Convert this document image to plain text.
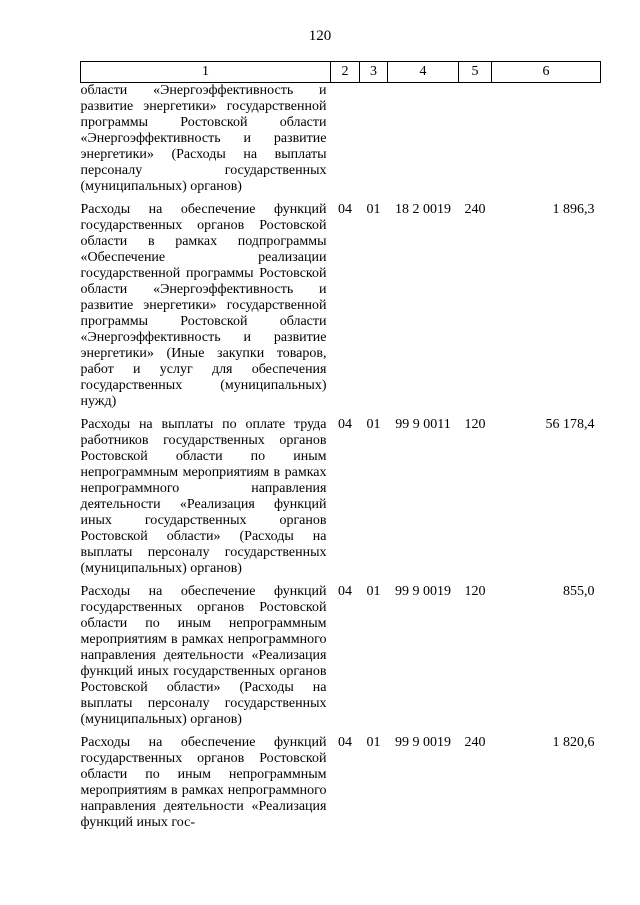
120
1	2	3	4	5	6
области «Энергоэффективность и развитие энергетики» государственной программы Ростовской области «Энергоэффективность и развитие энергетики» (Расходы на выплаты персоналу государственных (муниципальных) органов)					
Расходы на обеспечение функций государственных органов Ростовской области в рамках подпрограммы «Обеспечение реализации государственной программы Ростовской области «Энергоэффективность и развитие энергетики» государственной программы Ростовской области «Энергоэффективность и развитие энергетики» (Иные закупки товаров, работ и услуг для обеспечения государственных (муниципальных) нужд)	04	01	18 2 0019	240	1 896,3
Расходы на выплаты по оплате труда работников государственных органов Ростовской области по иным непрограммным мероприятиям в рамках непрограммного направления деятельности «Реализация функций иных государственных органов Ростовской области» (Расходы на выплаты персоналу государственных (муниципальных) органов)	04	01	99 9 0011	120	56 178,4
Расходы на обеспечение функций государственных органов Ростовской области по иным непрограммным мероприятиям в рамках непрограммного направления деятельности «Реализация функций иных государственных органов Ростовской области» (Расходы на выплаты персоналу государственных (муниципальных) органов)	04	01	99 9 0019	120	855,0
Расходы на обеспечение функций государственных органов Ростовской области по иным непрограммным мероприятиям в рамках непрограммного направления деятельности «Реализация функций иных гос-	04	01	99 9 0019	240	1 820,6
